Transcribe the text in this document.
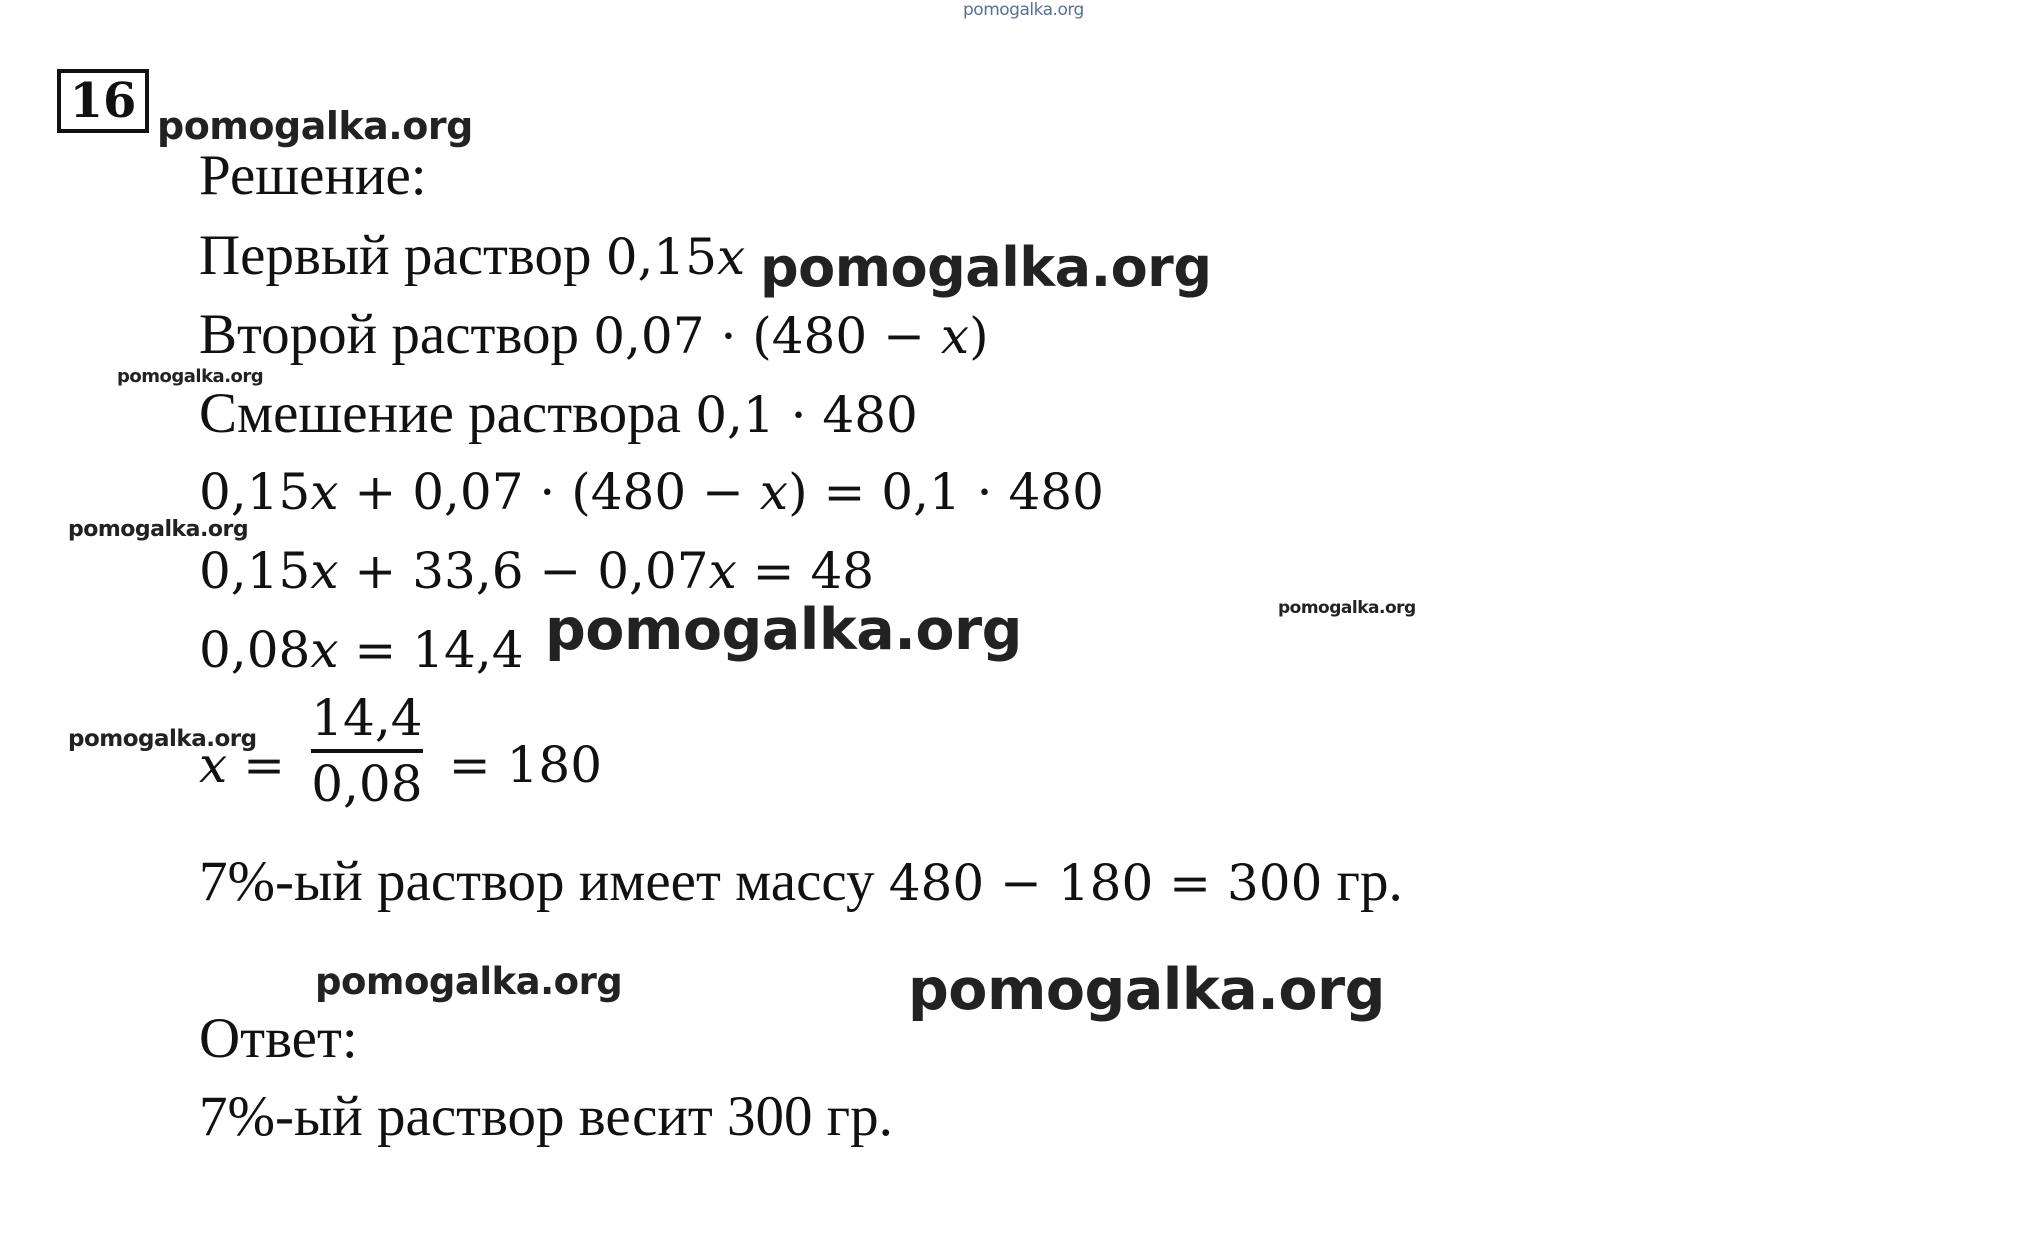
pomogalka.org
16 pomogalka.org
Решение:
Первый раствор 0,15x pomogalka.org
Второй раствор 0,07 · (480 − x)
pomogalka.org
Смешение раствора 0,1 · 480
0,15x + 0,07 · (480 − x) = 0,1 · 480
pomogalka.org
0,15x + 33,6 − 0,07x = 48
pomogalka.org
0,08x = 14,4 pomogalka.org
pomogalka.org
$x = \frac{14,4}{0,08} = 180$
7%-ый раствор имеет массу 480 − 180 = 300 гр.
pomogalka.org	pomogalka.org
Ответ:
7%-ый раствор весит 300 гр.
